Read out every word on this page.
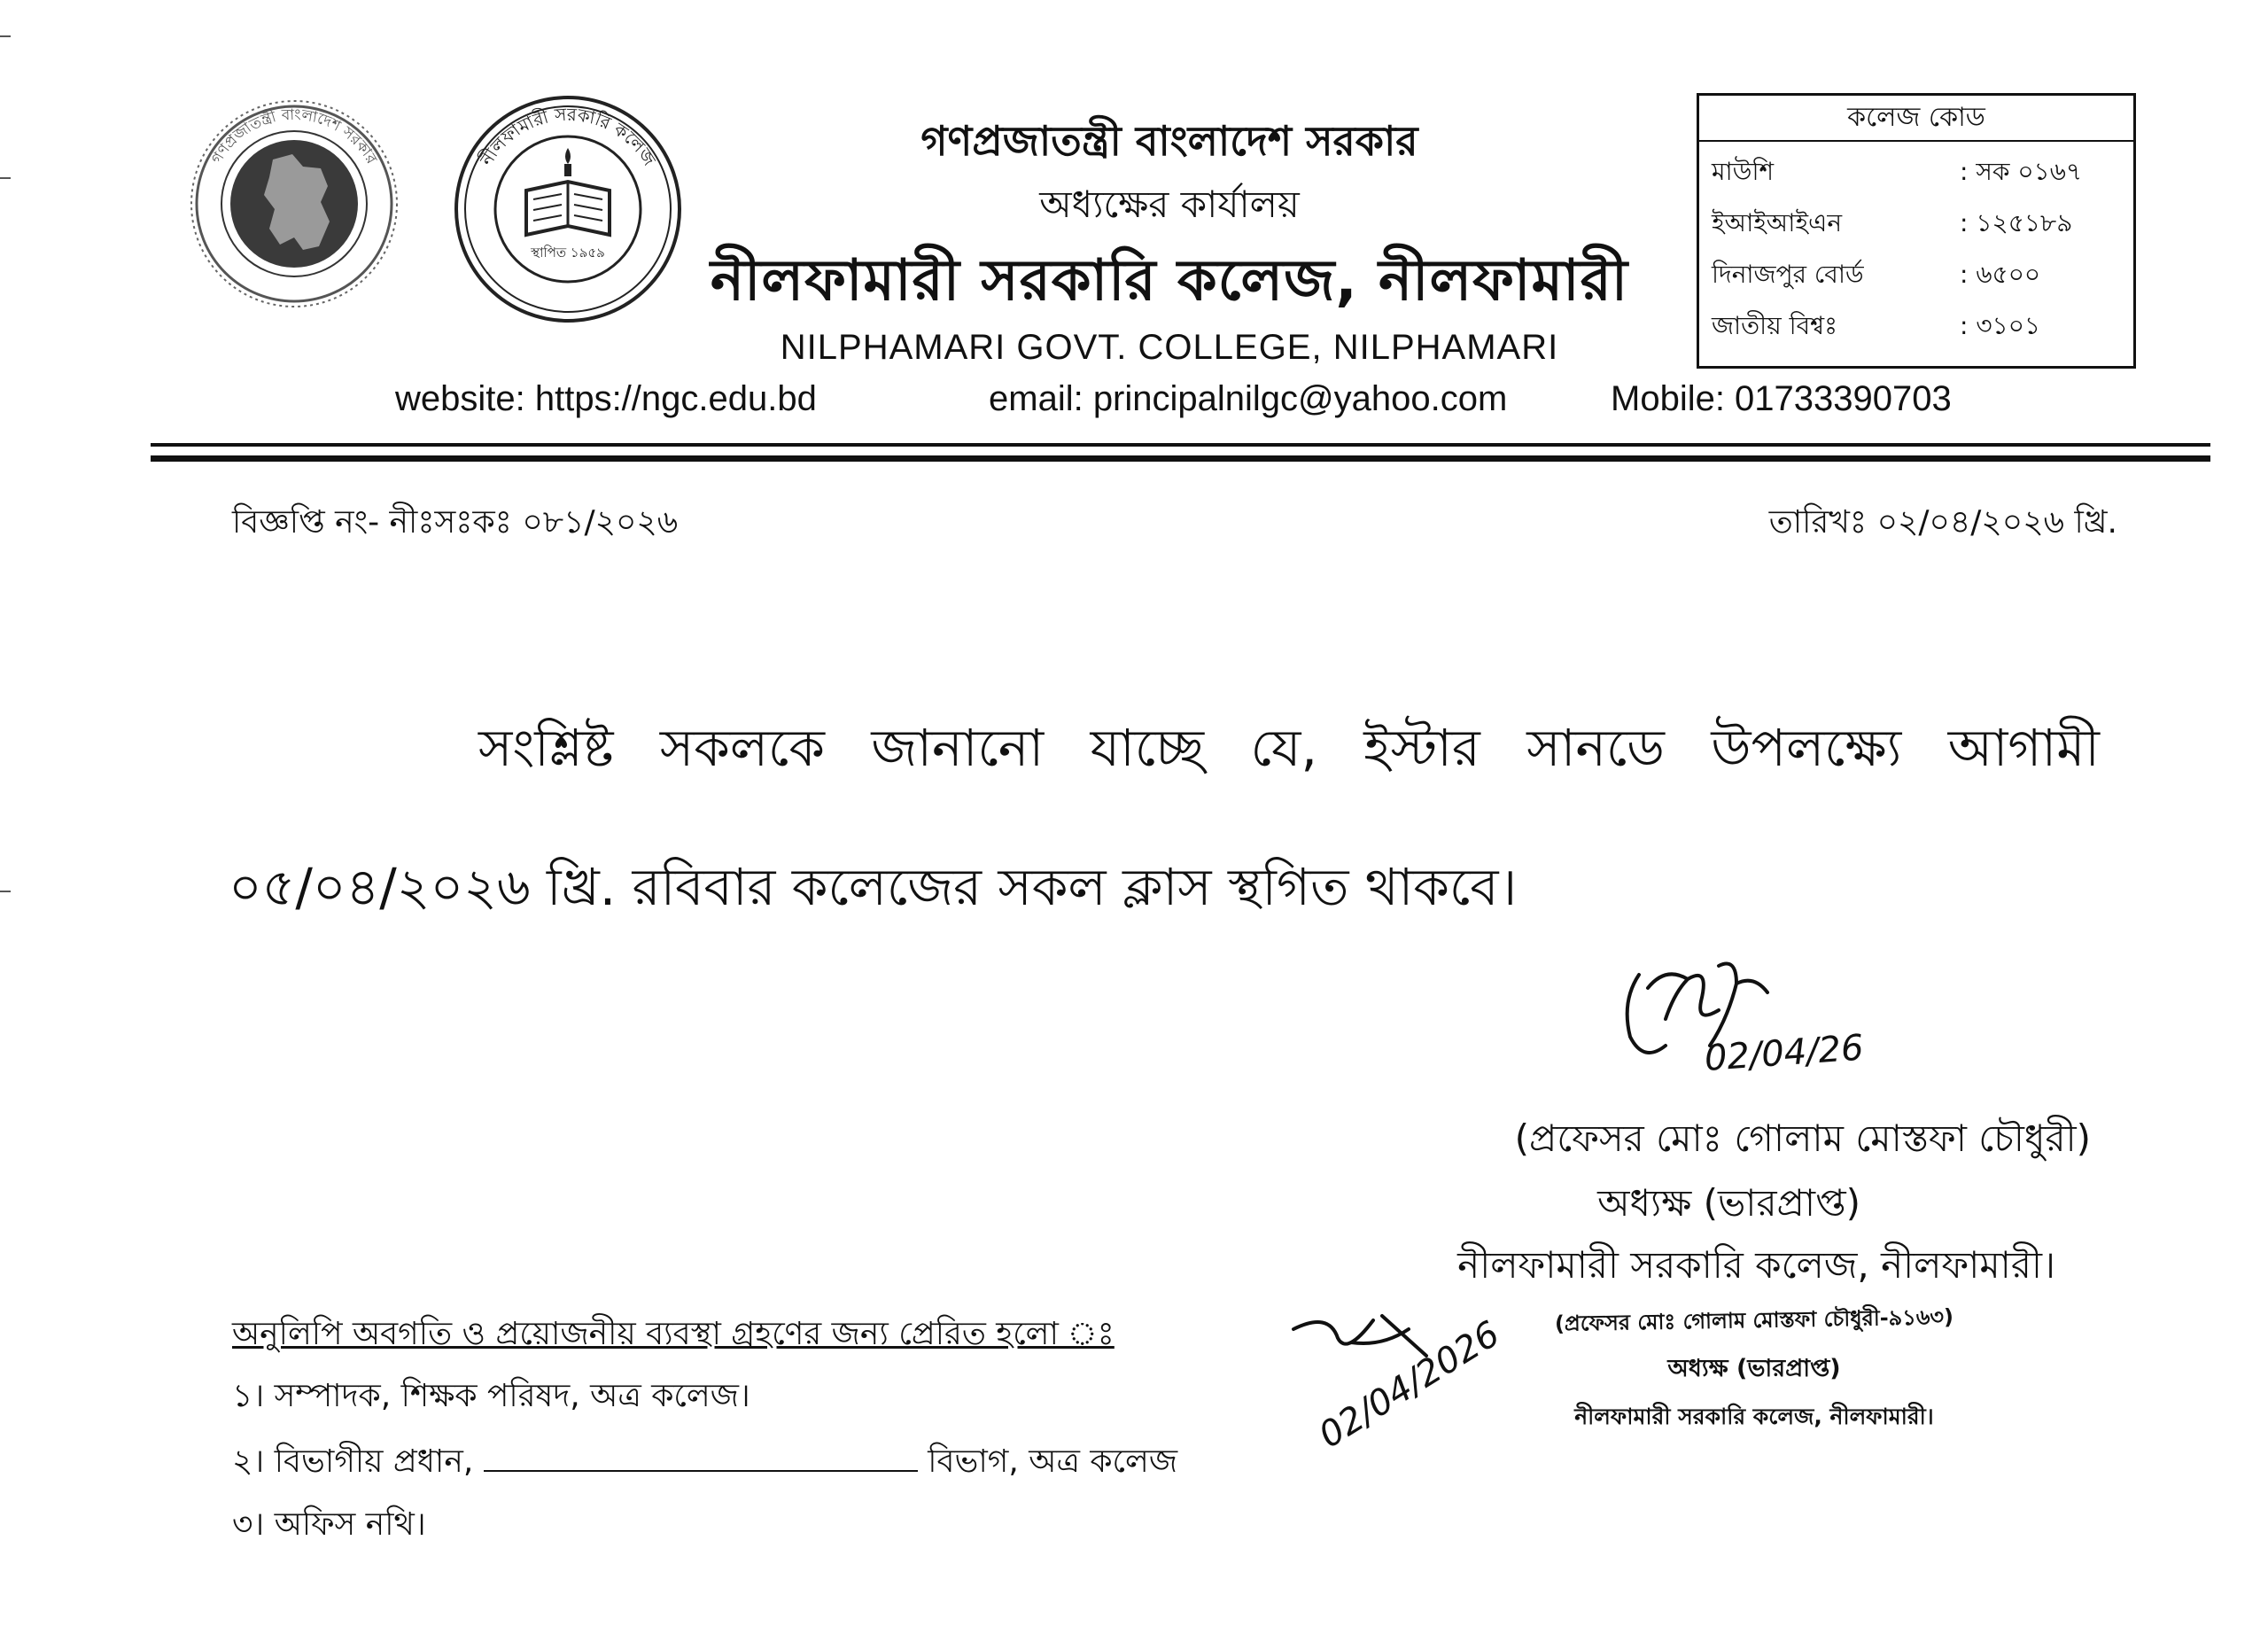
গণপ্রজাতন্ত্রী বাংলাদেশ সরকার
স্থাপিত ১৯৫৯
নীলফামারী সরকারি কলেজ	গণপ্রজাতন্ত্রী বাংলাদেশ সরকার
অধ্যক্ষের কার্যালয়
নীলফামারী সরকারি কলেজ, নীলফামারী
NILPHAMARI GOVT. COLLEGE, NILPHAMARI
website: https://ngc.edu.bd	email: principalnilgc@yahoo.com	Mobile: 01733390703
কলেজ কোড
মাউশি	: সক ০১৬৭
ইআইআইএন	: ১২৫১৮৯
দিনাজপুর বোর্ড	: ৬৫০০
জাতীয় বিশ্বঃ	: ৩১০১
বিজ্ঞপ্তি নং- নীঃসঃকঃ ০৮১/২০২৬	তারিখঃ ০২/০৪/২০২৬ খ্রি.
সংশ্লিষ্ট সকলকে জানানো যাচ্ছে যে, ইস্টার সানডে উপলক্ষ্যে আগামী
০৫/০৪/২০২৬ খ্রি. রবিবার কলেজের সকল ক্লাস স্থগিত থাকবে।
02/04/26
(প্রফেসর মোঃ গোলাম মোস্তফা চৌধুরী)
অধ্যক্ষ (ভারপ্রাপ্ত)
নীলফামারী সরকারি কলেজ, নীলফামারী।
অনুলিপি অবগতি ও প্রয়োজনীয় ব্যবস্থা গ্রহণের জন্য প্রেরিত হলো ঃ
১। সম্পাদক, শিক্ষক পরিষদ, অত্র কলেজ।
২। বিভাগীয় প্রধান,	বিভাগ, অত্র কলেজ
৩। অফিস নথি।
02/04/2026	(প্রফেসর মোঃ গোলাম মোস্তফা চৌধুরী-৯১৬৩)
অধ্যক্ষ (ভারপ্রাপ্ত)
নীলফামারী সরকারি কলেজ, নীলফামারী।
